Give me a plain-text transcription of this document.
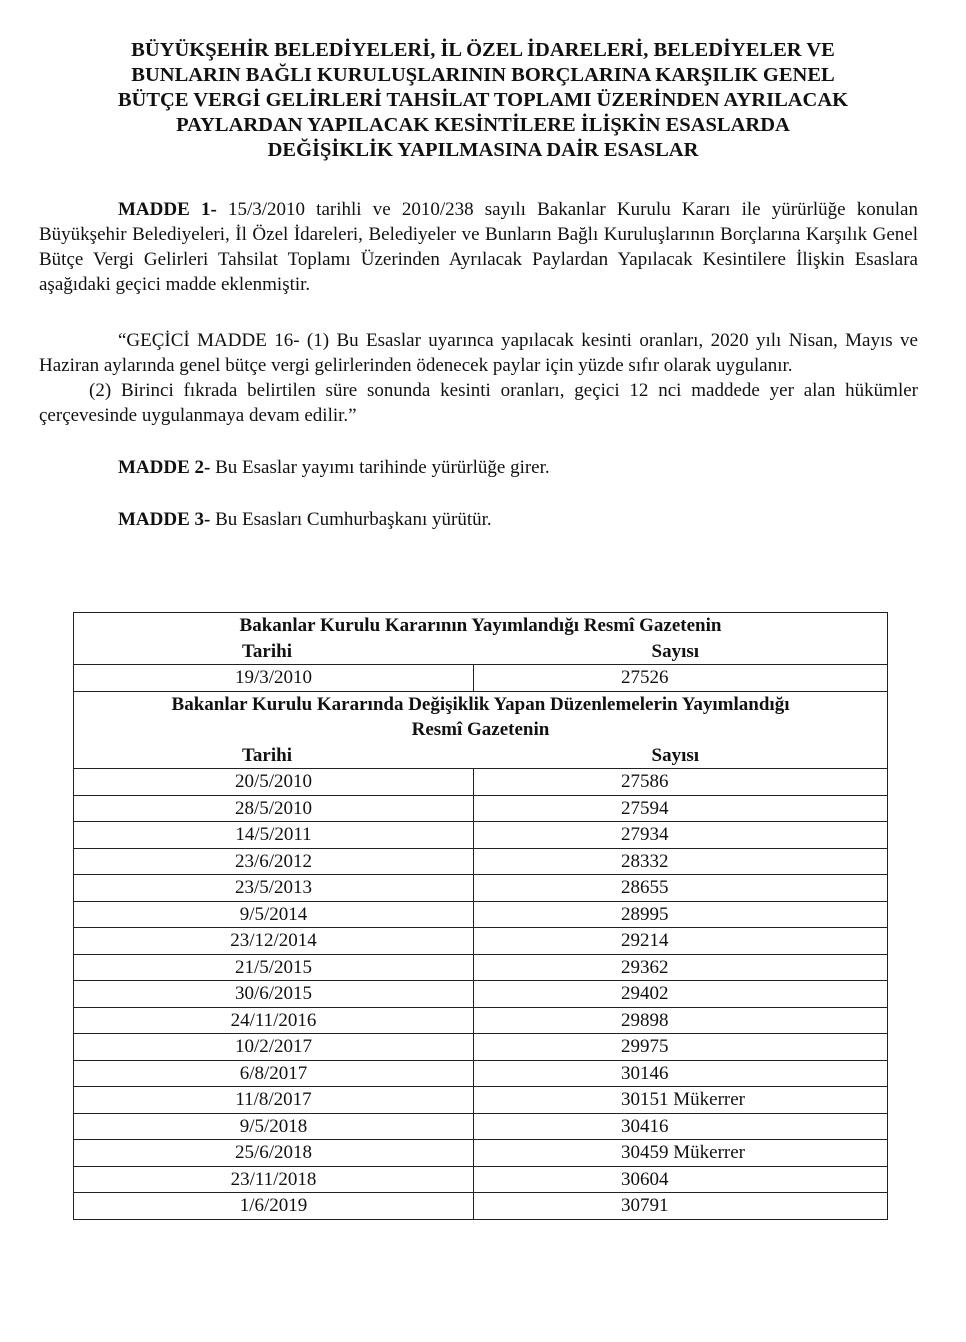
BÜYÜKŞEHİR BELEDİYELERİ, İL ÖZEL İDARELERİ, BELEDİYELER VE
BUNLARIN BAĞLI KURULUŞLARININ BORÇLARINA KARŞILIK GENEL
BÜTÇE VERGİ GELİRLERİ TAHSİLAT TOPLAMI ÜZERİNDEN AYRILACAK
PAYLARDAN YAPILACAK KESİNTİLERE İLİŞKİN ESASLARDA
DEĞİŞİKLİK YAPILMASINA DAİR ESASLAR

MADDE 1- 15/3/2010 tarihli ve 2010/238 sayılı Bakanlar Kurulu Kararı ile yürürlüğe konulan Büyükşehir Belediyeleri, İl Özel İdareleri, Belediyeler ve Bunların Bağlı Kuruluşlarının Borçlarına Karşılık Genel Bütçe Vergi Gelirleri Tahsilat Toplamı Üzerinden Ayrılacak Paylardan Yapılacak Kesintilere İlişkin Esaslara aşağıdaki geçici madde eklenmiştir.

“GEÇİCİ MADDE 16- (1) Bu Esaslar uyarınca yapılacak kesinti oranları, 2020 yılı Nisan, Mayıs ve Haziran aylarında genel bütçe vergi gelirlerinden ödenecek paylar için yüzde sıfır olarak uygulanır.

(2) Birinci fıkrada belirtilen süre sonunda kesinti oranları, geçici 12 nci maddede yer alan hükümler çerçevesinde uygulanmaya devam edilir.”

MADDE 2- Bu Esaslar yayımı tarihinde yürürlüğe girer.

MADDE 3- Bu Esasları Cumhurbaşkanı yürütür.

Bakanlar Kurulu Kararının Yayımlandığı Resmî Gazetenin	
Tarihi	Sayısı
19/3/2010	27526

Bakanlar Kurulu Kararında Değişiklik Yapan Düzenlemelerin Yayımlandığı
Resmî Gazetenin	

Tarihi	Sayısı
20/5/2010	27586
28/5/2010	27594
14/5/2011	27934
23/6/2012	28332
23/5/2013	28655
9/5/2014	28995
23/12/2014	29214
21/5/2015	29362
30/6/2015	29402
24/11/2016	29898
10/2/2017	29975
6/8/2017	30146
11/8/2017	30151 Mükerrer
9/5/2018	30416
25/6/2018	30459 Mükerrer
23/11/2018	30604
1/6/2019	30791
